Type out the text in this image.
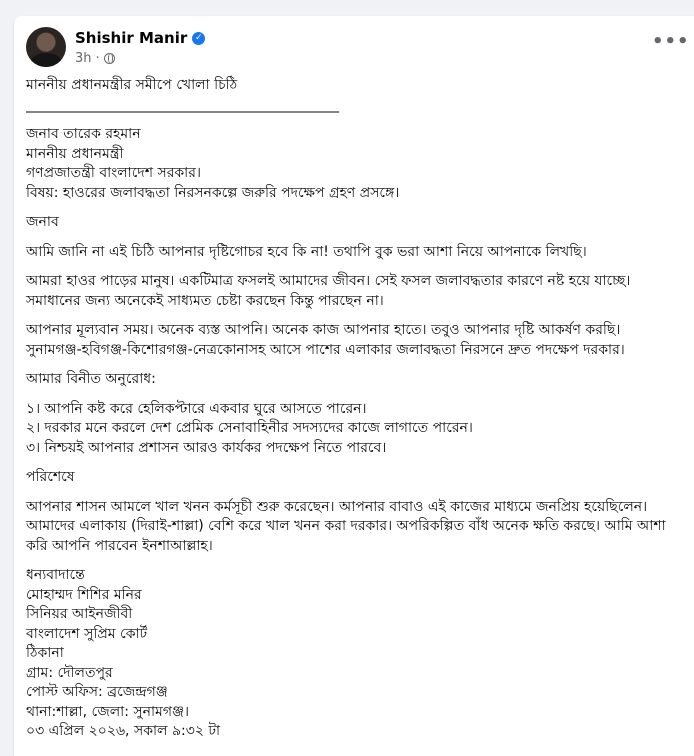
Shishir Manir ✓
3h ·
•••

মাননীয় প্রধানমন্ত্রীর সমীপে খোলা চিঠি

____________________________________________________

জনাব তারেক রহমান

মাননীয় প্রধানমন্ত্রী

গণপ্রজাতন্ত্রী বাংলাদেশ সরকার।

বিষয়: হাওরের জলাবদ্ধতা নিরসনকল্পে জরুরি পদক্ষেপ গ্রহণ প্রসঙ্গে।

জনাব

আমি জানি না এই চিঠি আপনার দৃষ্টিগোচর হবে কি না! তথাপি বুক ভরা আশা নিয়ে আপনাকে লিখছি।

আমরা হাওর পাড়ের মানুষ। একটিমাত্র ফসলই আমাদের জীবন। সেই ফসল জলাবদ্ধতার কারণে নষ্ট হয়ে যাচ্ছে। সমাধানের জন্য অনেকেই সাধ্যমত চেষ্টা করছেন কিন্তু পারছেন না।

আপনার মূল্যবান সময়। অনেক ব্যস্ত আপনি। অনেক কাজ আপনার হাতে। তবুও আপনার দৃষ্টি আকর্ষণ করছি। সুনামগঞ্জ-হবিগঞ্জ-কিশোরগঞ্জ-নেত্রকোনাসহ আসে পাশের এলাকার জলাবদ্ধতা নিরসনে দ্রুত পদক্ষেপ দরকার।

আমার বিনীত অনুরোধ:

১। আপনি কষ্ট করে হেলিকপ্টারে একবার ঘুরে আসতে পারেন।

২। দরকার মনে করলে দেশ প্রেমিক সেনাবাহিনীর সদস্যদের কাজে লাগাতে পারেন।

৩। নিশ্চয়ই আপনার প্রশাসন আরও কার্যকর পদক্ষেপ নিতে পারবে।

পরিশেষে

আপনার শাসন আমলে খাল খনন কর্মসূচী শুরু করেছেন। আপনার বাবাও এই কাজের মাধ্যমে জনপ্রিয় হয়েছিলেন। আমাদের এলাকায় (দিরাই-শাল্লা) বেশি করে খাল খনন করা দরকার। অপরিকল্পিত বাঁধ অনেক ক্ষতি করছে। আমি আশা করি আপনি পারবেন ইনশাআল্লাহ।

ধন্যবাদান্তে

মোহাম্মদ শিশির মনির

সিনিয়র আইনজীবী

বাংলাদেশ সুপ্রিম কোর্ট

ঠিকানা

গ্রাম: দৌলতপুর

পোস্ট অফিস: ব্রজেন্দ্রগঞ্জ

থানা:শাল্লা, জেলা: সুনামগঞ্জ।

০৩ এপ্রিল ২০২৬, সকাল ৯:৩২ টা
